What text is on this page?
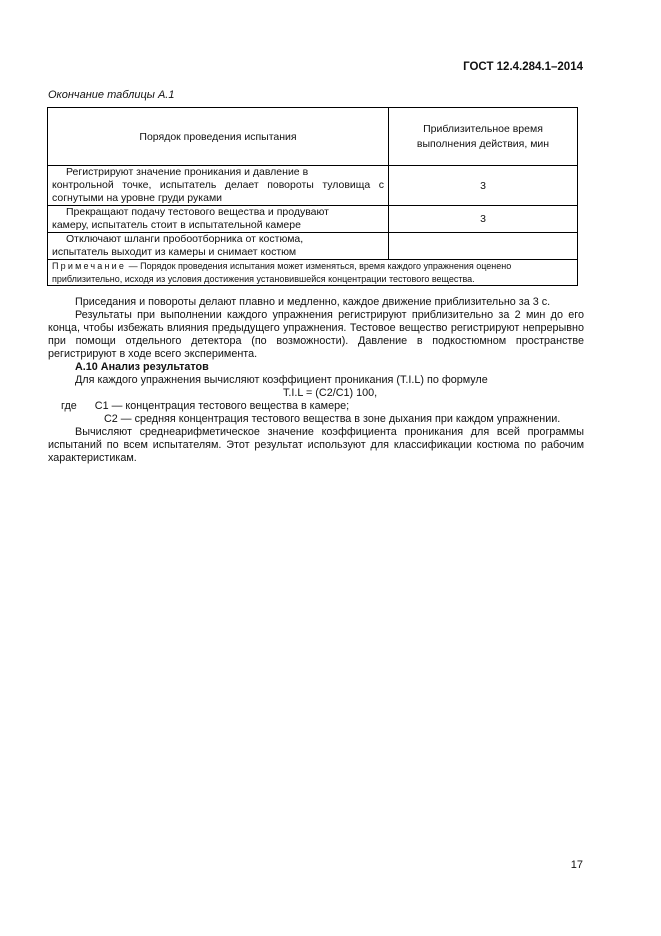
ГОСТ 12.4.284.1–2014
Окончание таблицы А.1
Порядок проведения испытания	Приблизительное время выполнения действия, мин

Регистрируют значение проникания и давление в
контрольной точке, испытатель делает повороты туловища с согнутыми на уровне груди руками	3

Прекращают подачу тестового вещества и продувают
камеру, испытатель стоит в испытательной камере	3

Отключают шланги пробоотборника от костюма,
испытатель выходит из камеры и снимает костюм	
Примечание — Порядок проведения испытания может изменяться, время каждого упражнения оценено приблизительно, исходя из условия достижения установившейся концентрации тестового вещества.	

Приседания и повороты делают плавно и медленно, каждое движение приблизительно за 3 с.

Результаты при выполнении каждого упражнения регистрируют приблизительно за 2 мин до его конца, чтобы избежать влияния предыдущего упражнения. Тестовое вещество регистрируют непрерывно при помощи отдельного детектора (по возможности). Давление в подкостюмном пространстве регистрируют в ходе всего эксперимента.

А.10 Анализ результатов

Для каждого упражнения вычисляют коэффициент проникания (T.I.L) по формуле

T.I.L = (C2/C1) 100,

где C1 — концентрация тестового вещества в камере;

C2 — средняя концентрация тестового вещества в зоне дыхания при каждом упражнении.

Вычисляют среднеарифметическое значение коэффициента проникания для всей программы испытаний по всем испытателям. Этот результат используют для классификации костюма по рабочим характеристикам.

17
